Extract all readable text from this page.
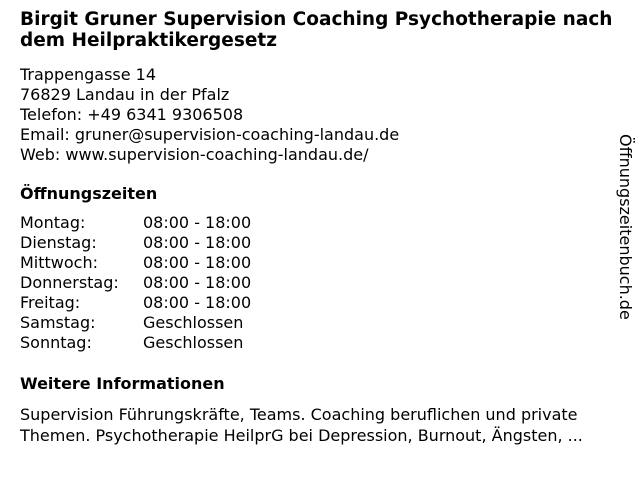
Birgit Gruner Supervision Coaching Psychotherapie nach dem Heilpraktikergesetz
Trappengasse 14
76829 Landau in der Pfalz
Telefon: +49 6341 9306508
Email: gruner@supervision-coaching-landau.de
Web: www.supervision-coaching-landau.de/
Öffnungszeiten
Montag:	08:00 - 18:00
Dienstag:	08:00 - 18:00
Mittwoch:	08:00 - 18:00
Donnerstag:	08:00 - 18:00
Freitag:	08:00 - 18:00
Samstag:	Geschlossen
Sonntag:	Geschlossen
Weitere Informationen
Supervision Führungskräfte, Teams. Coaching beruflichen und private
Themen. Psychotherapie HeilprG bei Depression, Burnout, Ängsten, ...
Öffnungszeitenbuch.de
